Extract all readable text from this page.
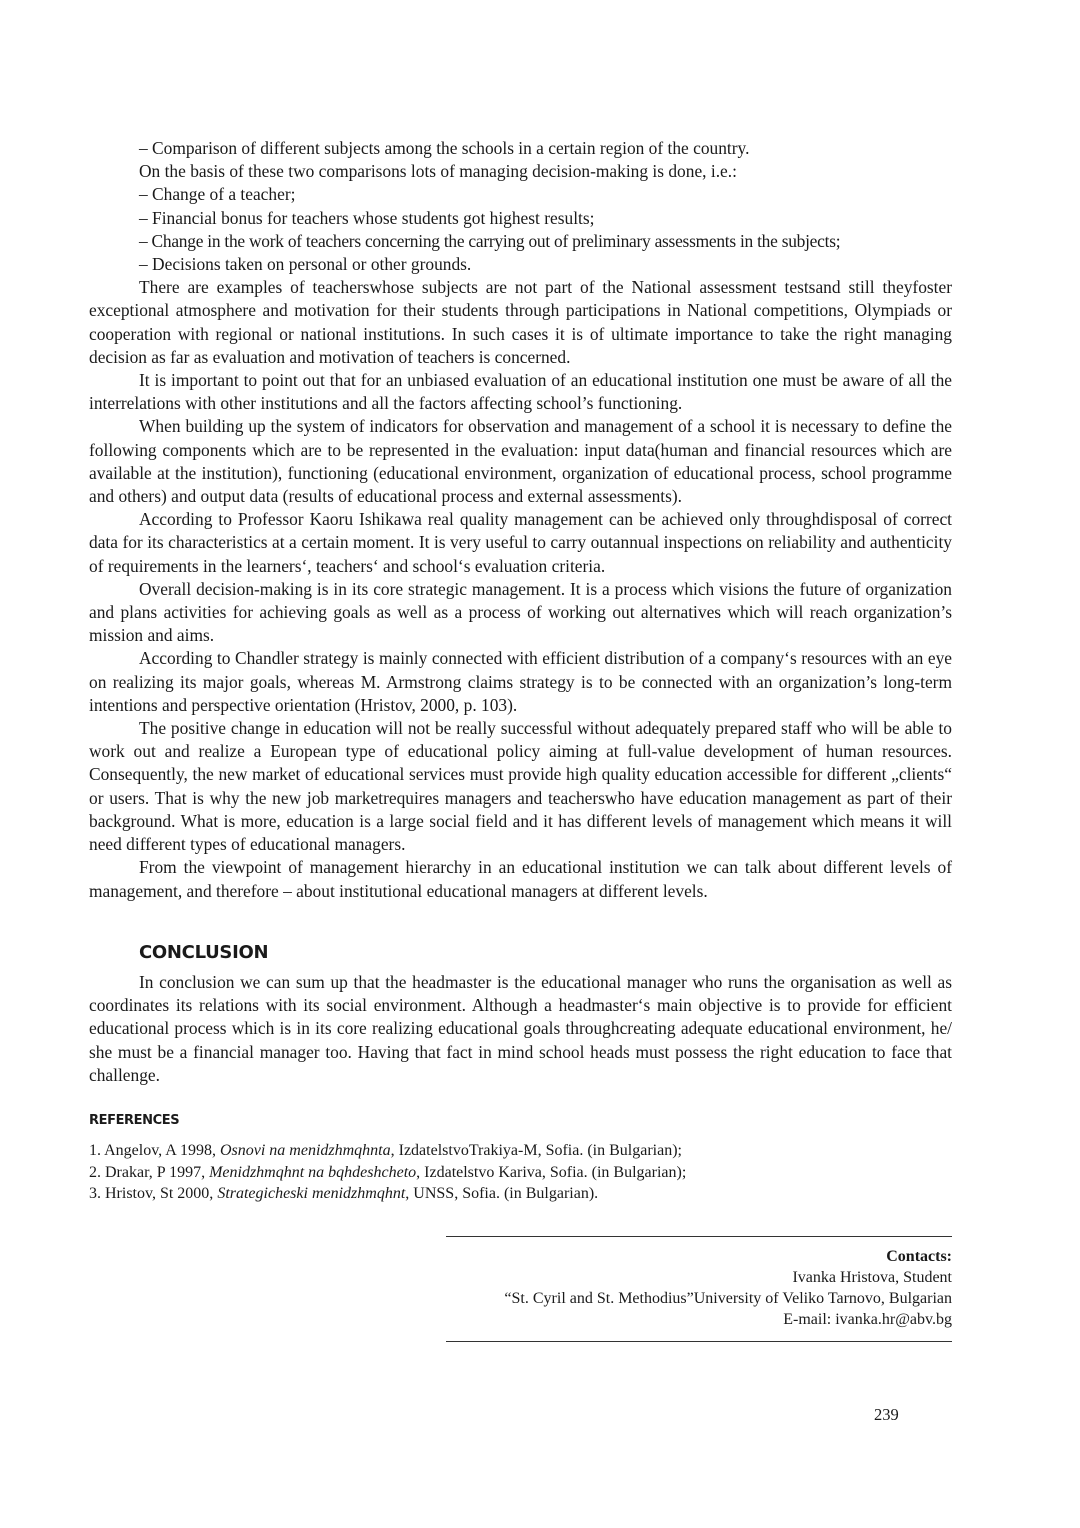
– Comparison of different subjects among the schools in a certain region of the country.

On the basis of these two comparisons lots of managing decision-making is done, i.e.:

– Change of a teacher;

– Financial bonus for teachers whose students got highest results;

– Change in the work of teachers concerning the carrying out of preliminary assessments in the subjects;

– Decisions taken on personal or other grounds.

There are examples of teacherswhose subjects are not part of the National assessment testsand still theyfoster exceptional atmosphere and motivation for their students through participations in National competitions, Olympiads or cooperation with regional or national institutions. In such cases it is of ultimate importance to take the right managing decision as far as evaluation and motivation of teachers is concerned.

It is important to point out that for an unbiased evaluation of an educational institution one must be aware of all the interrelations with other institutions and all the factors affecting school’s functioning.

When building up the system of indicators for observation and management of a school it is necessary to define the following components which are to be represented in the evaluation: input data(human and financial resources which are available at the institution), functioning (educational environment, organization of educational process, school programme and others) and output data (results of educational process and external assessments).

According to Professor Kaoru Ishikawa real quality management can be achieved only throughdisposal of correct data for its characteristics at a certain moment. It is very useful to carry outannual inspections on reliability and authenticity of requirements in the learners‘, teachers‘ and school‘s evaluation criteria.

Overall decision-making is in its core strategic management. It is a process which visions the future of organization and plans activities for achieving goals as well as a process of working out alternatives which will reach organization’s mission and aims.

According to Chandler strategy is mainly connected with efficient distribution of a company‘s resources with an eye on realizing its major goals, whereas M. Armstrong claims strategy is to be connected with an organization’s long-term intentions and perspective orientation (Hristov, 2000, p. 103).

The positive change in education will not be really successful without adequately prepared staff who will be able to work out and realize a European type of educational policy aiming at full-value development of human resources. Consequently, the new market of educational services must provide high quality education accessible for different „clients“ or users. That is why the new job marketrequires managers and teacherswho have education management as part of their background. What is more, education is a large social field and it has different levels of management which means it will need different types of educational managers.

From the viewpoint of management hierarchy in an educational institution we can talk about different levels of management, and therefore – about institutional educational managers at different levels.

CONCLUSION

In conclusion we can sum up that the headmaster is the educational manager who runs the organisation as well as coordinates its relations with its social environment. Although a headmaster‘s main objective is to provide for efficient educational process which is in its core realizing educational goals throughcreating adequate educational environment, he/ she must be a financial manager too. Having that fact in mind school heads must possess the right education to face that challenge.

REFERENCES
1. Angelov, A 1998, Osnovi na menidzhmqhnta, IzdatelstvoTrakiya-M, Sofia. (in Bulgarian);
2. Drakar, P 1997, Menidzhmqhnt na bqhdeshcheto, Izdatelstvo Kariva, Sofia. (in Bulgarian);
3. Hristov, St 2000, Strategicheski menidzhmqhnt, UNSS, Sofia. (in Bulgarian).
Contacts:
Ivanka Hristova, Student
“St. Cyril and St. Methodius”University of Veliko Tarnovo, Bulgarian
E-mail: ivanka.hr@abv.bg
239
